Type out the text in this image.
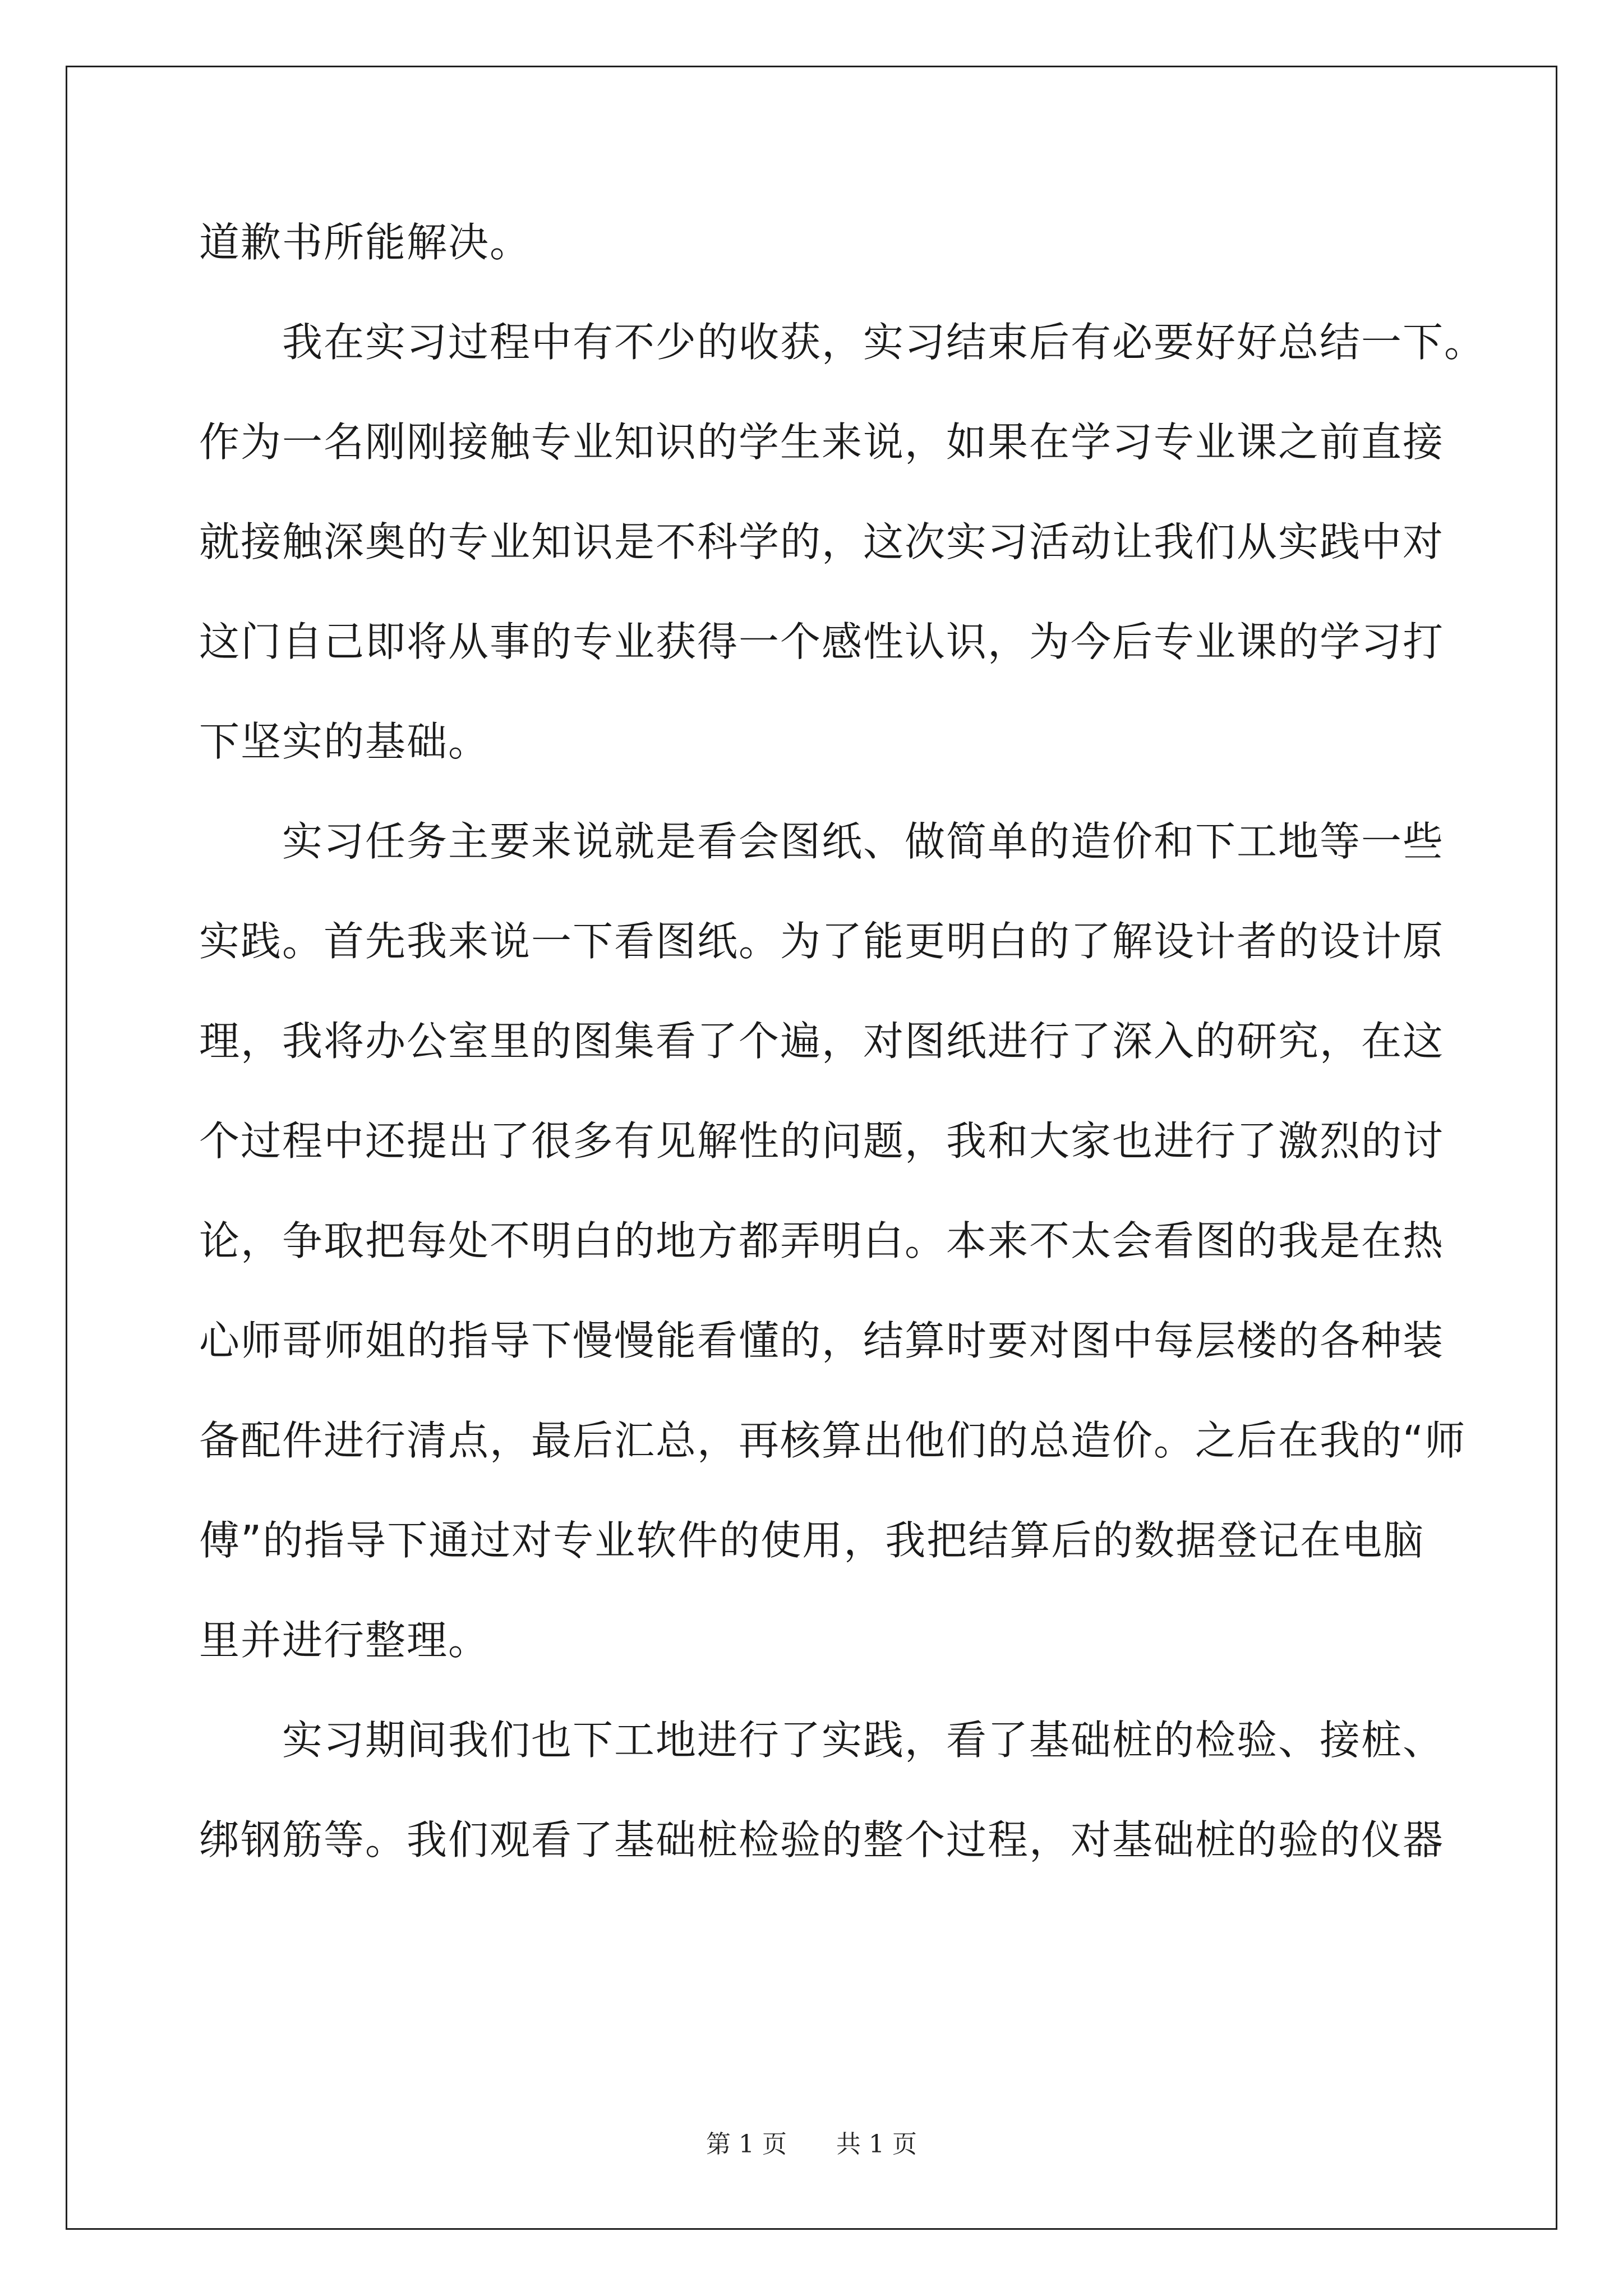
道歉书所能解决。
　　我在实习过程中有不少的收获，实习结束后有必要好好总结一下。
作为一名刚刚接触专业知识的学生来说，如果在学习专业课之前直接
就接触深奥的专业知识是不科学的，这次实习活动让我们从实践中对
这门自己即将从事的专业获得一个感性认识，为今后专业课的学习打
下坚实的基础。
　　实习任务主要来说就是看会图纸、做简单的造价和下工地等一些
实践。首先我来说一下看图纸。为了能更明白的了解设计者的设计原
理，我将办公室里的图集看了个遍，对图纸进行了深入的研究，在这
个过程中还提出了很多有见解性的问题，我和大家也进行了激烈的讨
论，争取把每处不明白的地方都弄明白。本来不太会看图的我是在热
心师哥师姐的指导下慢慢能看懂的，结算时要对图中每层楼的各种装
备配件进行清点，最后汇总，再核算出他们的总造价。之后在我的“师
傅”的指导下通过对专业软件的使用，我把结算后的数据登记在电脑
里并进行整理。
　　实习期间我们也下工地进行了实践，看了基础桩的检验、接桩、
绑钢筋等。我们观看了基础桩检验的整个过程，对基础桩的验的仪器
第 1 页 共 1 页
